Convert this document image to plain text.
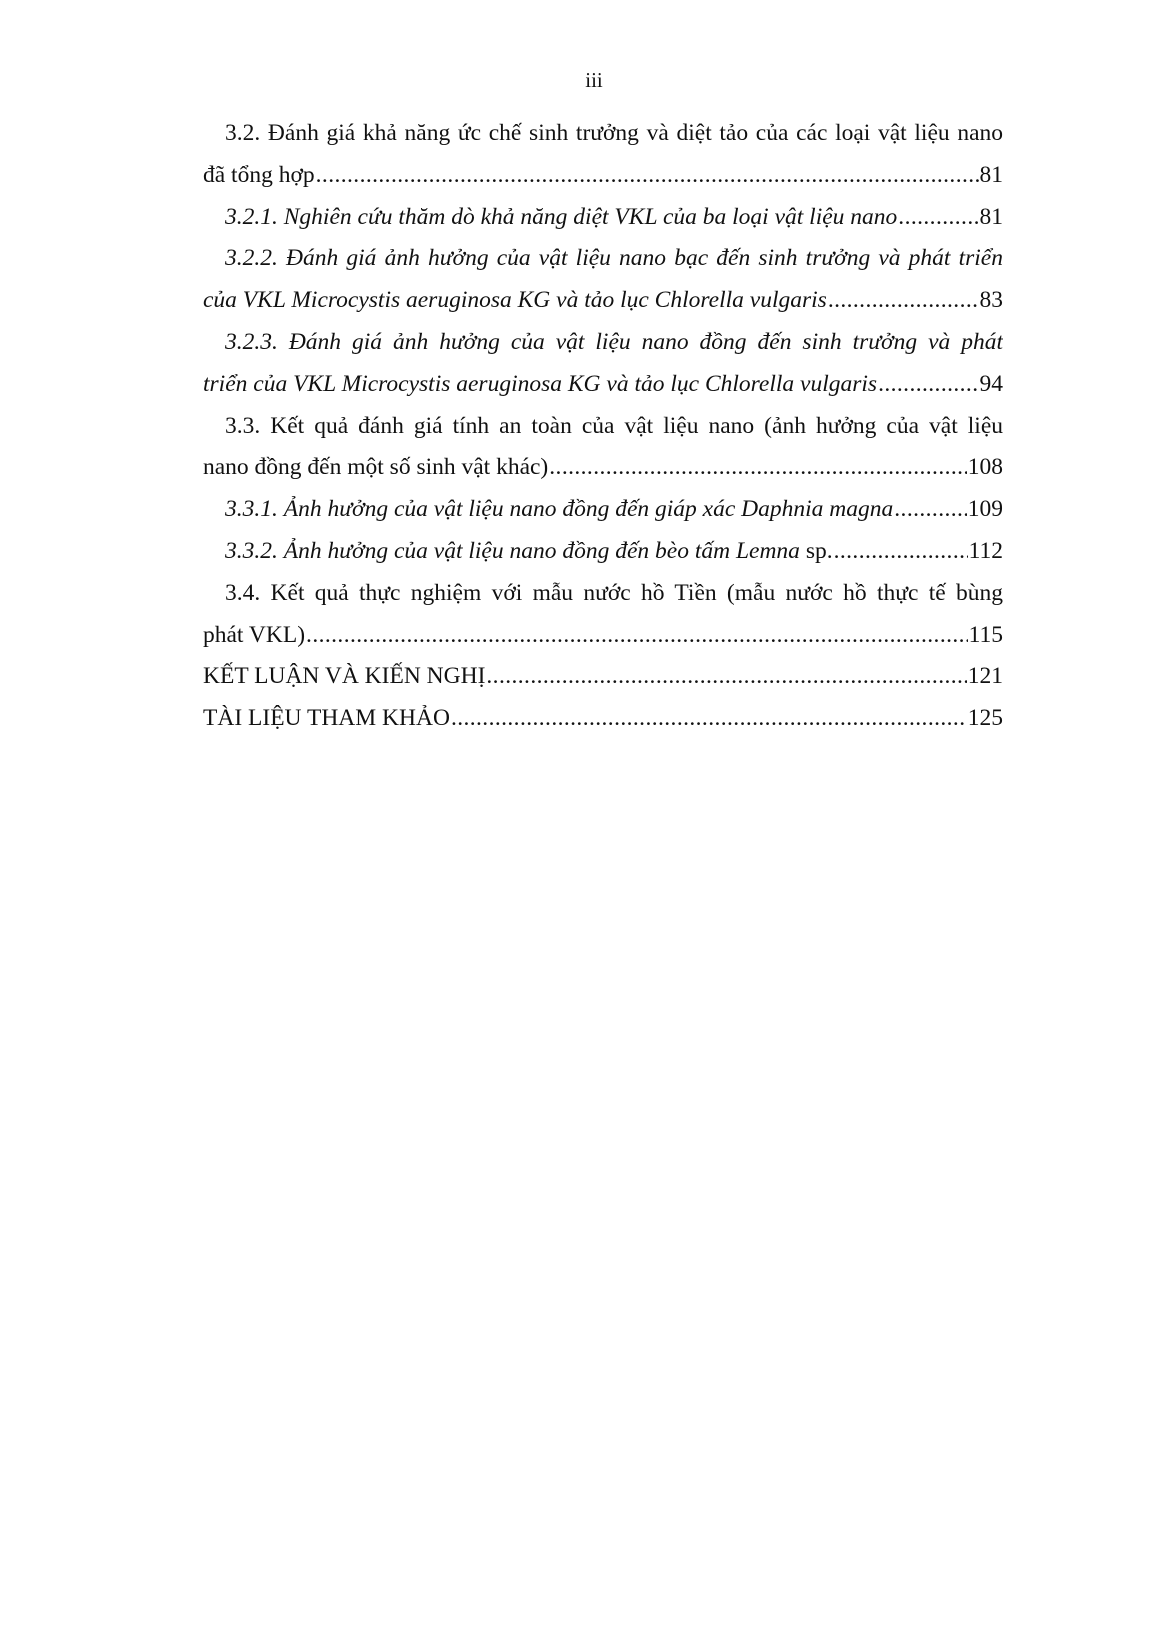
iii
3.2. Đánh giá khả năng ức chế sinh trưởng và diệt tảo của các loại vật liệu nano
đã tổng hợp .....	81
3.2.1. Nghiên cứu thăm dò khả năng diệt VKL của ba loại vật liệu nano .....	81
3.2.2. Đánh giá ảnh hưởng của vật liệu nano bạc đến sinh trưởng và phát triển
của VKL Microcystis aeruginosa KG và tảo lục Chlorella vulgaris .....	83
3.2.3. Đánh giá ảnh hưởng của vật liệu nano đồng đến sinh trưởng và phát
triển của VKL Microcystis aeruginosa KG và tảo lục Chlorella vulgaris .....	94
3.3. Kết quả đánh giá tính an toàn của vật liệu nano (ảnh hưởng của vật liệu
nano đồng đến một số sinh vật khác) .....	108
3.3.1. Ảnh hưởng của vật liệu nano đồng đến giáp xác Daphnia magna .....	109
3.3.2. Ảnh hưởng của vật liệu nano đồng đến bèo tấm Lemna sp. .....	112
3.4. Kết quả thực nghiệm với mẫu nước hồ Tiền (mẫu nước hồ thực tế bùng
phát VKL) .....	115
KẾT LUẬN VÀ KIẾN NGHỊ .....	121
TÀI LIỆU THAM KHẢO .....	125
